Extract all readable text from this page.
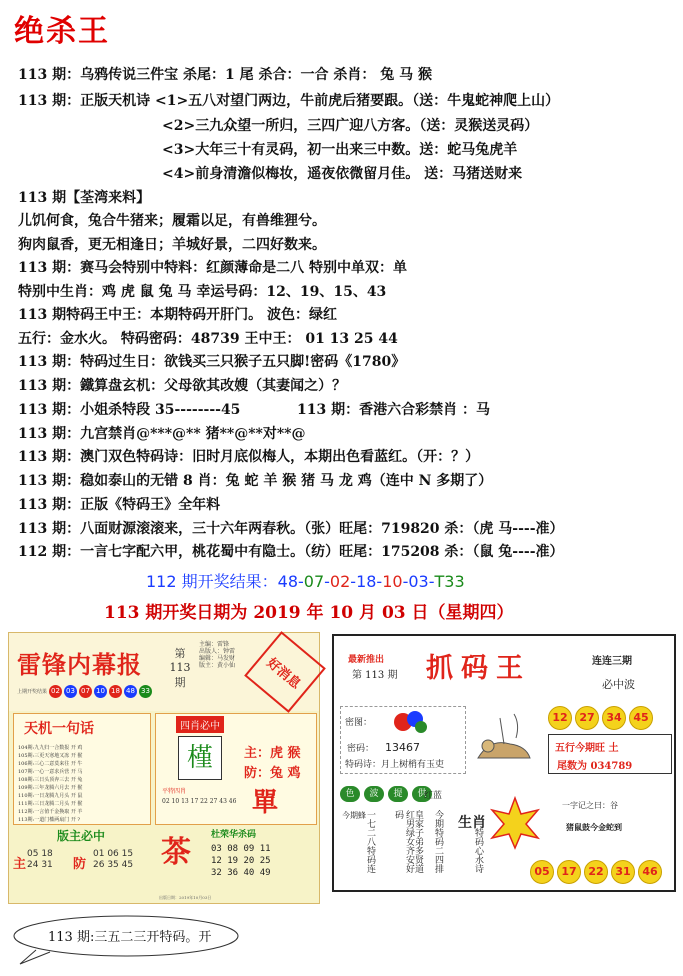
绝杀王
113 期：乌鸦传说三件宝 杀尾：1 尾 杀合：一合 杀肖： 兔 马 猴
113 期：正版天机诗 <1>五八对望门两边，牛前虎后猪要跟。（送：牛鬼蛇神爬上山）
<2>三九众望一所归，三四广迎八方客。（送：灵猴送灵码）
<3>大年三十有灵码，初一出来三中数。送：蛇马兔虎羊
<4>前身清澹似梅妆，遥夜依微留月佳。 送：马猪送财来
113 期【荃湾来料】
儿饥何食，兔合牛猪来；履霜以足，有兽维狸兮。
狗肉鼠香，更无相逢日；羊城好景，二四好数来。
113 期：赛马会特别中特料：红颜薄命是二八 特别中单双：单
特别中生肖：鸡 虎 鼠 兔 马 幸运号码：12、19、15、43
113 期特码王中王：本期特码开肝门。 波色：绿红
五行：金水火。 特码密码：48739 王中王： 01 13 25 44
113 期：特码过生日：欲钱买三只猴子五只脚!密码《1780》
113 期：鐵算盘玄机：父母欲其改嫂（其妻闻之）？
113 期：小姐杀特段 35--------45	113 期：香港六合彩禁肖 ：马
113 期：九宫禁肖@***@** 猪**@**对**@
113 期：澳门双色特码诗：旧时月底似梅人，本期出色看蓝红。（开：？）
113 期：稳如泰山的无错 8 肖：兔 蛇 羊 猴 猪 马 龙 鸡（连中 N 多期了）
113 期：正版《特码王》全年料
113 期：八面财源滚滚来，三十六年两春秋。（张）旺尾：719820 杀：（虎 马----准）
112 期：一言七字配六甲，桃花蜀中有隐士。（纺）旺尾：175208 杀：（鼠 兔----准）
112 期开奖结果：48-07-02-18-10-03-T33
113 期开奖日期为 2019 年 10 月 03 日（星期四）
雷锋内幕报	第 113 期
主编：雷锋
出版人：钟雷
编辑：马发财
版主：黄小仙	好消息
上期开奖结果 02 03 07 10 18 48 33
天机一句话
104期:九九归一合数报 开 鸡
105期:三更天寒地又冻 开 猴
106期:三心二意莫来往 开 牛
107期:一心一意求兵营 开 马
108期:三日头顶奔三去 开 兔
109期:三年龙腾六月去 开 猴
110期:一日龙腾九月头 开 鼠
111期:三日龙腾二月头 开 猴
112期:一言值千金换取 开 羊
113期:一道门槛两扇门 开 ?
四肖必中
槿	主：虎 猴
防：兔 鸡
單
平特四肖
02 10 13 17 22 27 43 46
版主必中
主
05 18
24 31 防
01 06 15
26 35 45 茶 杜荣华杀码
03 08 09 11
12 19 20 25
32 36 40 49
出版日期：2019年10月03日
最新推出
第 113 期 抓码王	连连三期
必中波
密图：
密码： 13467
特码诗： 月上树梢有玉吏
12	27	34	45
五行今期旺 土
尾数为 034789
色	波	提	供
红蓝
今期蜂 一七二八特码连	红男绿女齐安好码	皇家子弟多贤道 今期特码二四排	特码心水诗
生肖
一字记之曰：谷
猪鼠鼓今金蛇到
05	17	22	31	46
113 期:三五二三开特码。开
